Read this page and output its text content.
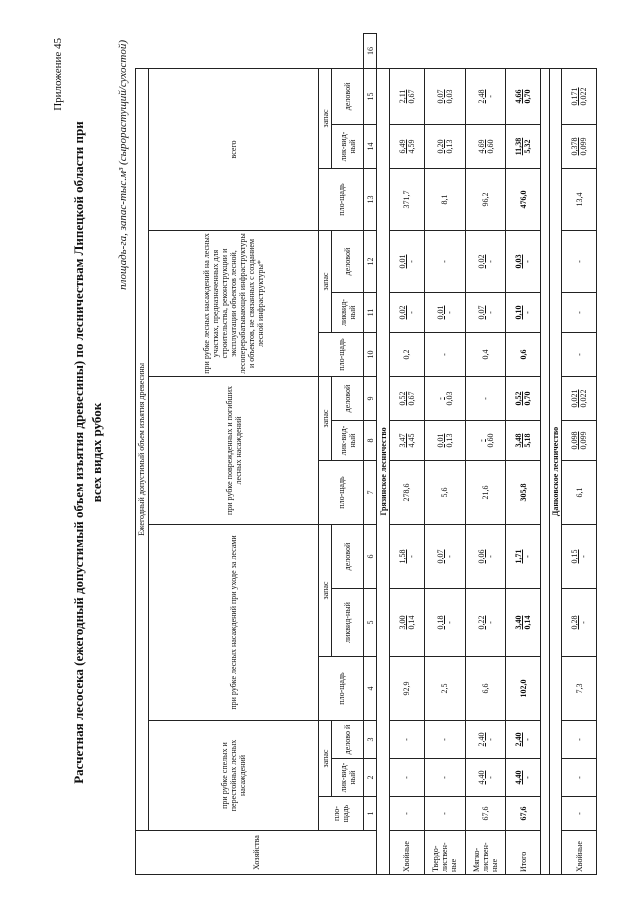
Приложение 45
Расчетная лесосека (ежегодный допустимый объем изъятия древесины) по лесничествам Липецкой области при всех видах рубок
площадь-га, запас-тыс.м³ (сырорастущий/сухостой)
Хозяйства	Ежегодный допустимый объем изъятия древесины															
	при рубке спелых и перестойных лесных насаждений			при рубке лесных насаждений при уходе за лесами			при рубке поврежденных и погибших лесных насаждений			при рубке лесных насаждений на лесных участках, предназначенных для строительства, реконструкции и эксплуатации объектов лесной, лесоперерабатывающей инфраструктуры и объектов, не связанных с созданием лесной инфраструктуры*			всего			
	пло-щадь	запас		пло-щадь	запас		пло-щадь	запас		пло-щадь	запас		пло-щадь	запас		
		лик-вид-ный	делово й		ликвид-ный	деловой		лик-вид-ный	деловой		ликвид-ный	деловой		лик-вид-ный	деловой	
	1	2	3	4	5	6	7	8	9	10	11	12	13	14	15	16
Грязинское лесничество																
Хвойные	-	-	-	92,9	3,00 0,14	1,58 -	278,6	3,47 4,45	0,52 0,67	0,2	0,02 -	0,01 -	371,7	6,49 4,59	2,11 0,67	

Твердо-листвен-ные	-	-	-	2,5	0,18 -	0,07 -	5,6	0,01 0,13	- 0,03	-	0,01 -	-	8,1	0,20 0,13	0,07 0,03	

Мягко-листвен-ные	67,6	4,40 -	2,40 -	6,6	0,22 -	0,06 -	21,6	- 0,60	-	0,4	0,07 -	0,02 -	96,2	4,69 0,60	2,48 -	

Итого	67,6	4,40 -	2,40 -	102,0	3,40 0,14	1,71 -	305,8	3,48 5,18	0,52 0,70	0,6	0,10 -	0,03 -	476,0	11,38 5,32	4,66 0,70	

Данковское лесничество																
Хвойные	-	-	-	7,3	0,28 -	0,15 -	6,1	0,098 0,099	0,021 0,022	-	-	-	13,4	0,378 0,099	0,171 0,022	
